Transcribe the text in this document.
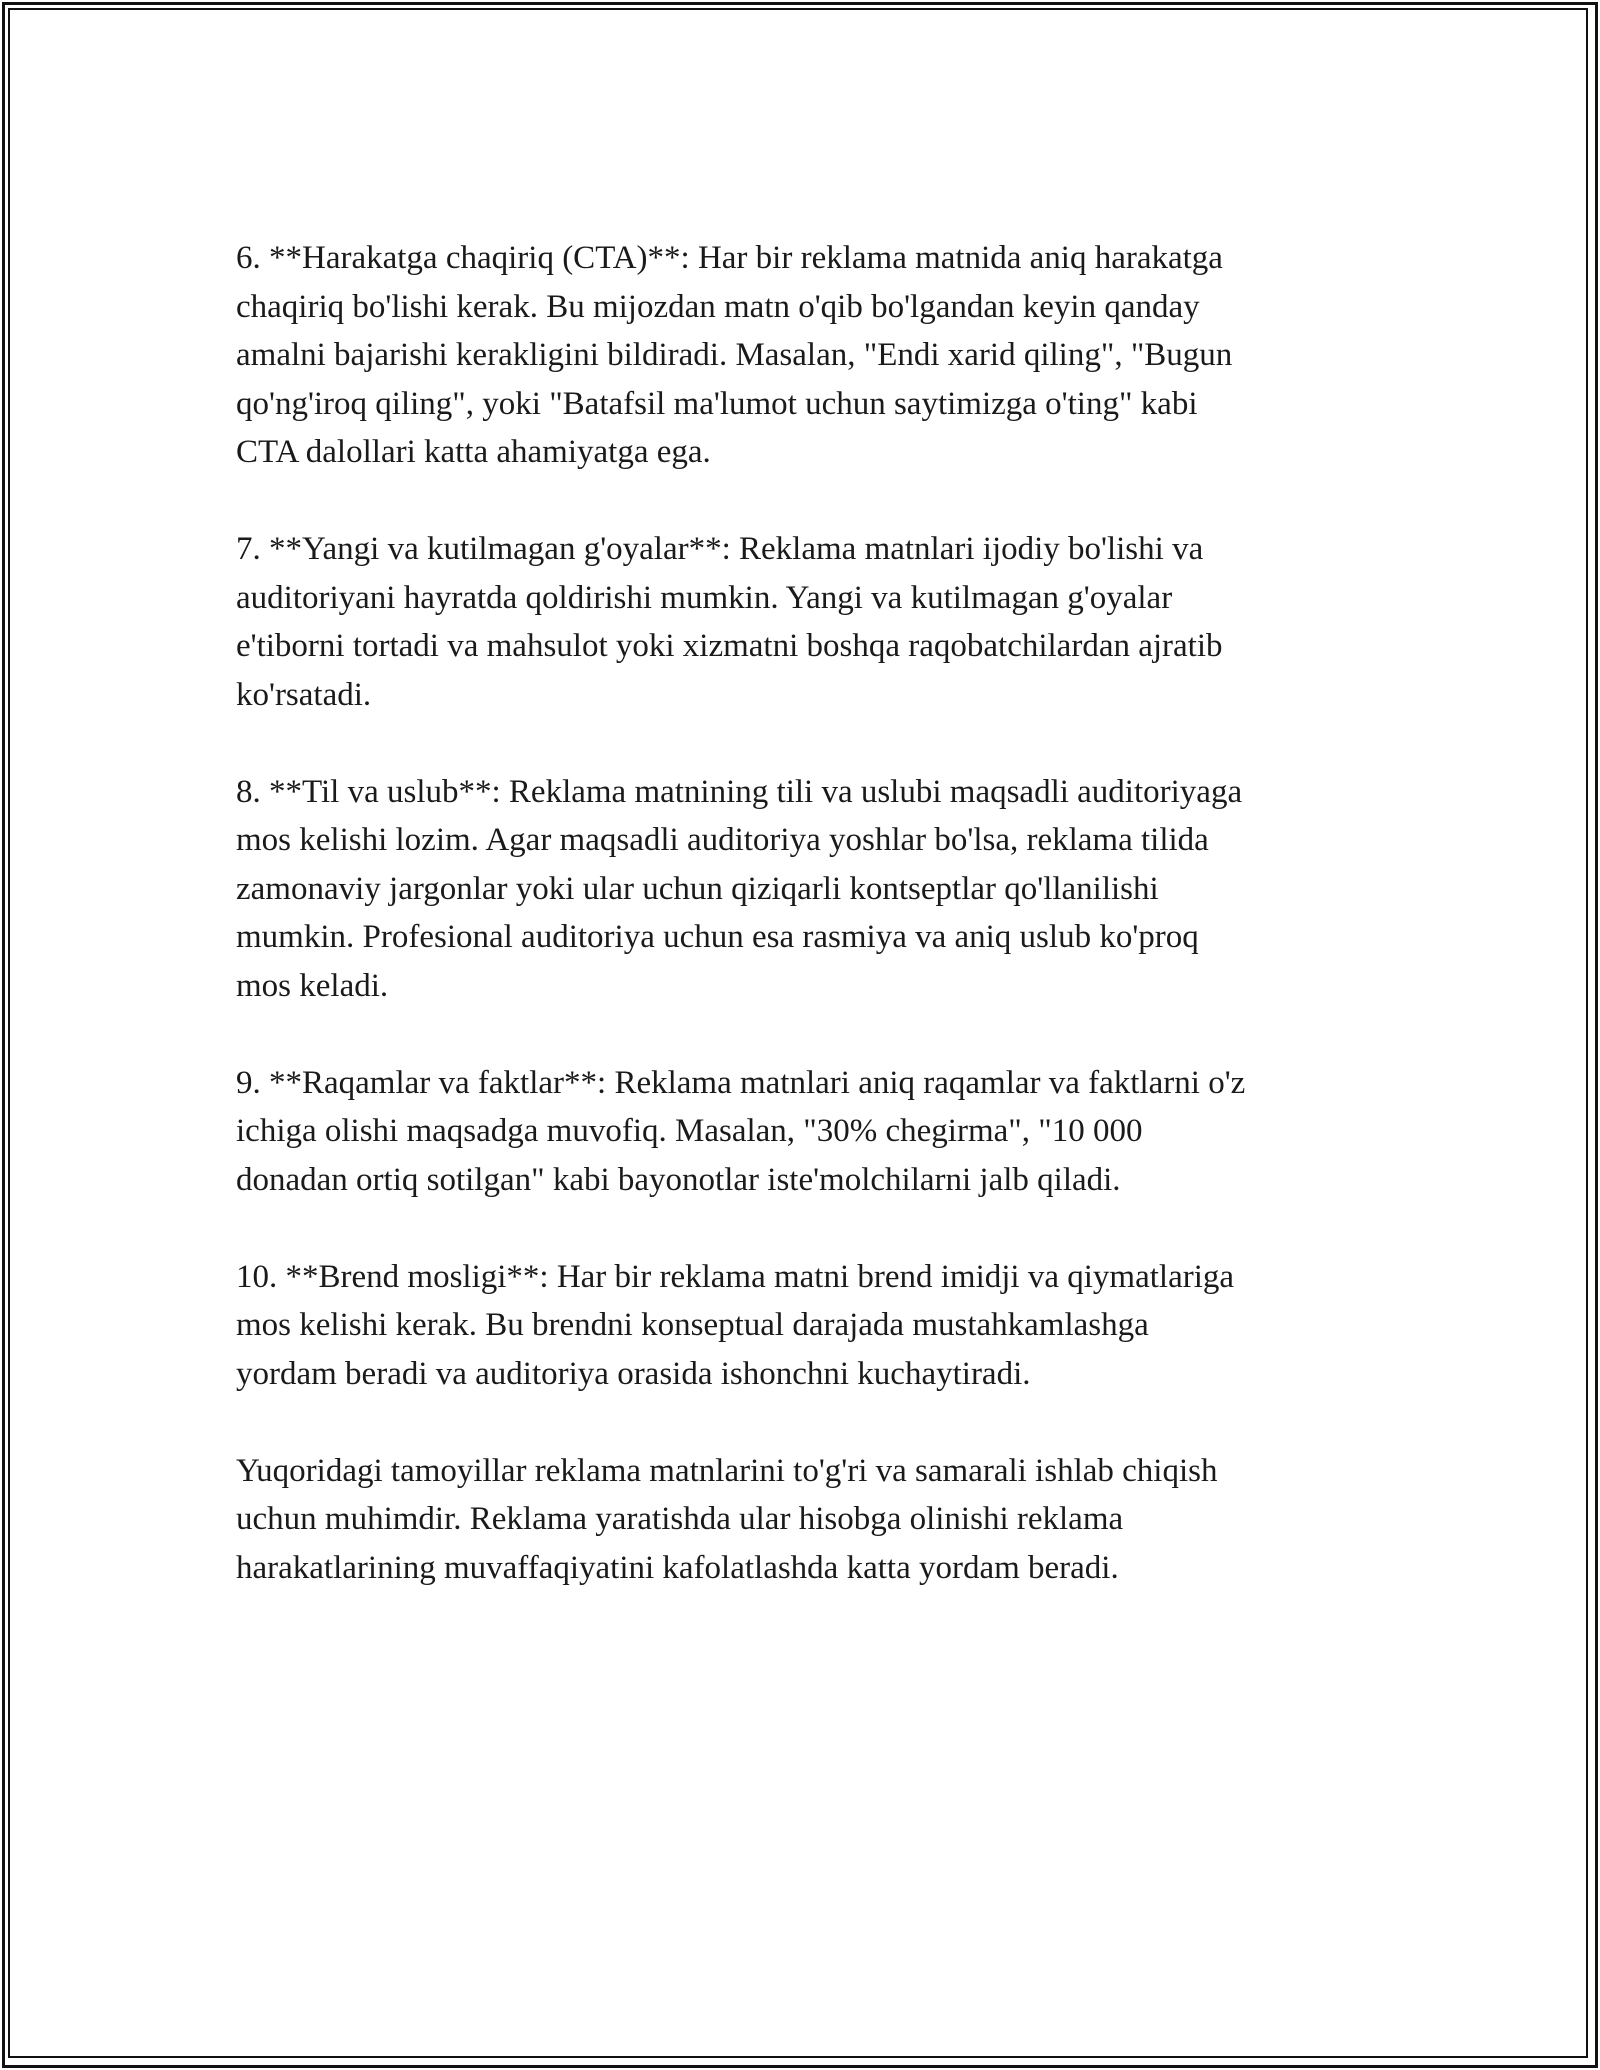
6. **Harakatga chaqiriq (CTA)**: Har bir reklama matnida aniq harakatga
chaqiriq bo'lishi kerak. Bu mijozdan matn o'qib bo'lgandan keyin qanday
amalni bajarishi kerakligini bildiradi. Masalan, "Endi xarid qiling", "Bugun
qo'ng'iroq qiling", yoki "Batafsil ma'lumot uchun saytimizga o'ting" kabi
CTA dalollari katta ahamiyatga ega.

7. **Yangi va kutilmagan g'oyalar**: Reklama matnlari ijodiy bo'lishi va
auditoriyani hayratda qoldirishi mumkin. Yangi va kutilmagan g'oyalar
e'tiborni tortadi va mahsulot yoki xizmatni boshqa raqobatchilardan ajratib
ko'rsatadi.

8. **Til va uslub**: Reklama matnining tili va uslubi maqsadli auditoriyaga
mos kelishi lozim. Agar maqsadli auditoriya yoshlar bo'lsa, reklama tilida
zamonaviy jargonlar yoki ular uchun qiziqarli kontseptlar qo'llanilishi
mumkin. Profesional auditoriya uchun esa rasmiya va aniq uslub ko'proq
mos keladi.

9. **Raqamlar va faktlar**: Reklama matnlari aniq raqamlar va faktlarni o'z
ichiga olishi maqsadga muvofiq. Masalan, "30% chegirma", "10 000
donadan ortiq sotilgan" kabi bayonotlar iste'molchilarni jalb qiladi.

10. **Brend mosligi**: Har bir reklama matni brend imidji va qiymatlariga
mos kelishi kerak. Bu brendni konseptual darajada mustahkamlashga
yordam beradi va auditoriya orasida ishonchni kuchaytiradi.

Yuqoridagi tamoyillar reklama matnlarini to'g'ri va samarali ishlab chiqish
uchun muhimdir. Reklama yaratishda ular hisobga olinishi reklama
harakatlarining muvaffaqiyatini kafolatlashda katta yordam beradi.
